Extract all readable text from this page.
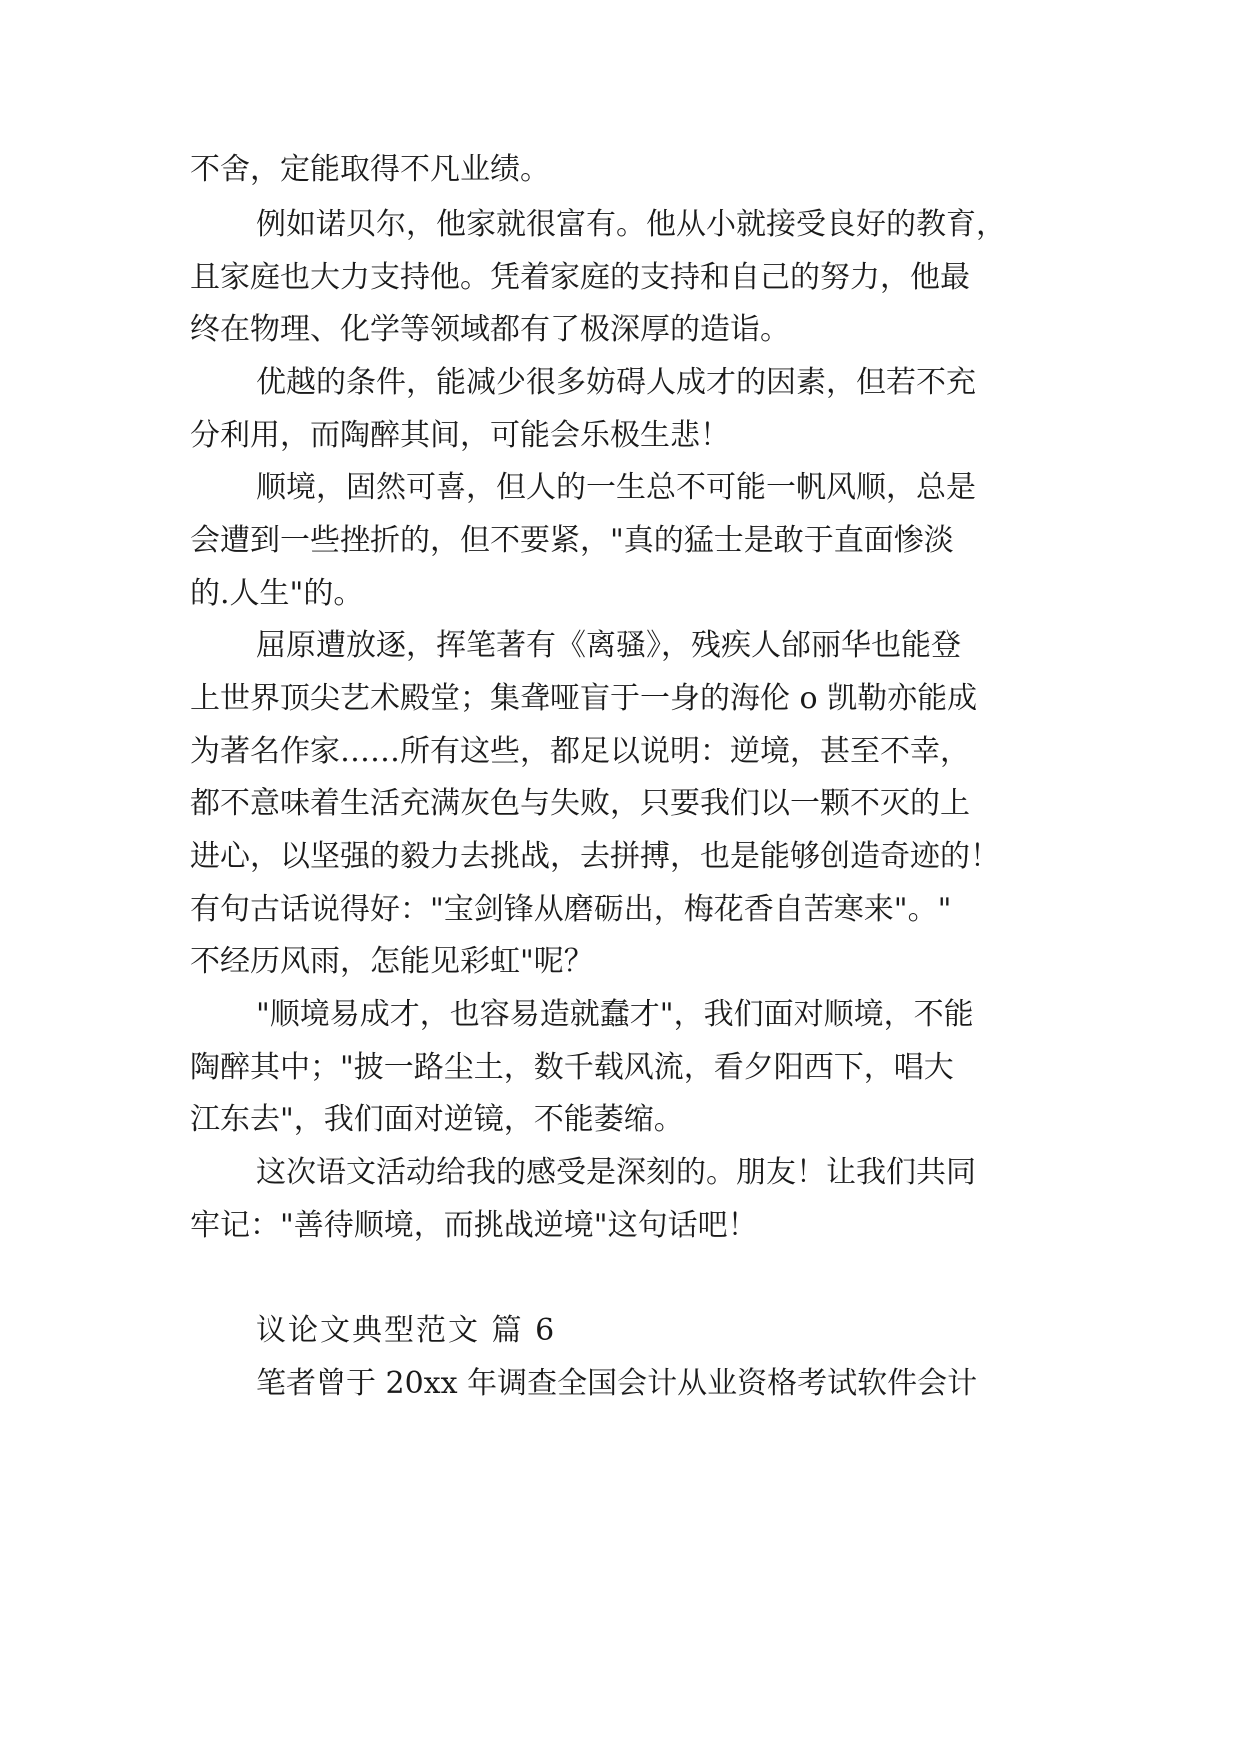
不舍，定能取得不凡业绩。
例如诺贝尔，他家就很富有。他从小就接受良好的教育，
且家庭也大力支持他。凭着家庭的支持和自己的努力，他最
终在物理、化学等领域都有了极深厚的造诣。
优越的条件，能减少很多妨碍人成才的因素，但若不充
分利用，而陶醉其间，可能会乐极生悲！
顺境，固然可喜，但人的一生总不可能一帆风顺，总是
会遭到一些挫折的，但不要紧，"真的猛士是敢于直面惨淡
的.人生"的。
屈原遭放逐，挥笔著有《离骚》，残疾人邰丽华也能登
上世界顶尖艺术殿堂；集聋哑盲于一身的海伦 o 凯勒亦能成
为著名作家……所有这些，都足以说明：逆境，甚至不幸，
都不意味着生活充满灰色与失败，只要我们以一颗不灭的上
进心，以坚强的毅力去挑战，去拼搏，也是能够创造奇迹的！
有句古话说得好："宝剑锋从磨砺出，梅花香自苦寒来"。"
不经历风雨，怎能见彩虹"呢？
"顺境易成才，也容易造就蠢才"，我们面对顺境，不能
陶醉其中；"披一路尘土，数千载风流，看夕阳西下，唱大
江东去"，我们面对逆镜，不能萎缩。
这次语文活动给我的感受是深刻的。朋友！让我们共同
牢记："善待顺境，而挑战逆境"这句话吧！
议论文典型范文 篇 6
笔者曾于 20xx 年调查全国会计从业资格考试软件会计
